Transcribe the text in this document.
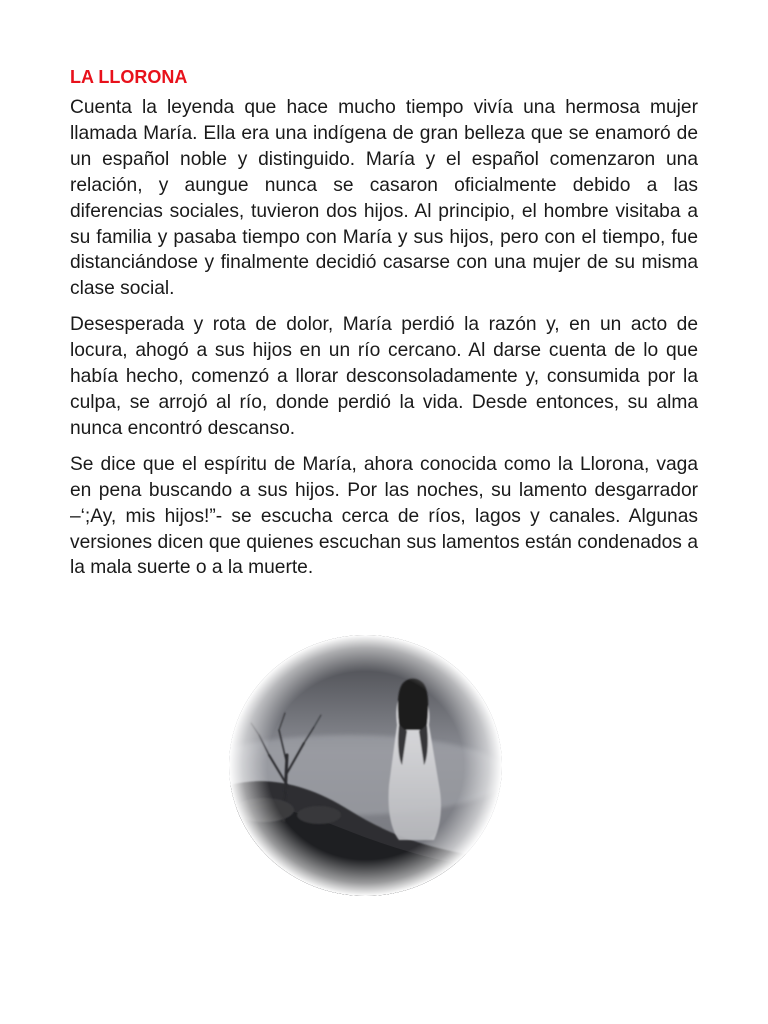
LA LLORONA

Cuenta la leyenda que hace mucho tiempo vivía una hermosa mujer llamada María. Ella era una indígena de gran belleza que se enamoró de un español noble y distinguido. María y el español comenzaron una relación, y aungue nunca se casaron oficialmente debido a las diferencias sociales, tuvieron dos hijos. Al principio, el hombre visitaba a su familia y pasaba tiempo con María y sus hijos, pero con el tiempo, fue distanciándose y finalmente decidió casarse con una mujer de su misma clase social.

Desesperada y rota de dolor, María perdió la razón y, en un acto de locura, ahogó a sus hijos en un río cercano. Al darse cuenta de lo que había hecho, comenzó a llorar desconsoladamente y, consumida por la culpa, se arrojó al río, donde perdió la vida. Desde entonces, su alma nunca encontró descanso.

Se dice que el espíritu de María, ahora conocida como la Llorona, vaga en pena buscando a sus hijos. Por las noches, su lamento desgarrador –‘;Ay, mis hijos!”- se escucha cerca de ríos, lagos y canales. Algunas versiones dicen que quienes escuchan sus lamentos están condenados a la mala suerte o a la muerte.
